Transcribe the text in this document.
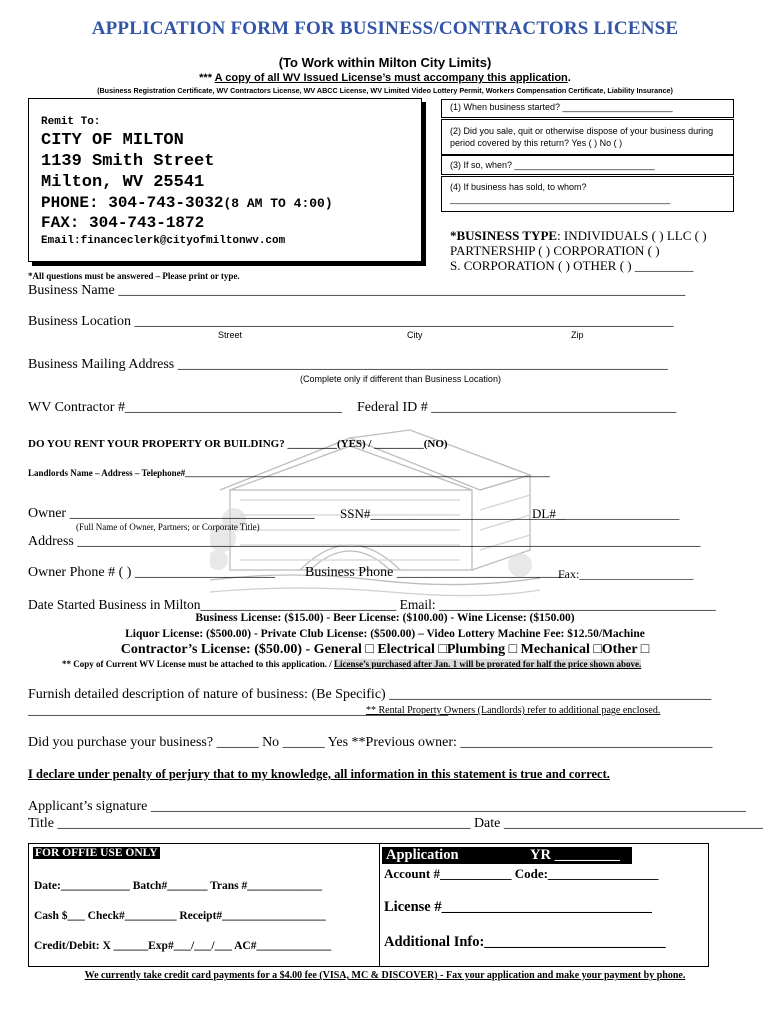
APPLICATION FORM FOR BUSINESS/CONTRACTORS LICENSE
(To Work within Milton City Limits)
*** A copy of all WV Issued License’s must accompany this application.
(Business Registration Certificate, WV Contractors License, WV ABCC License, WV Limited Video Lottery Permit, Workers Compensation Certificate, Liability Insurance)
Remit To:
CITY OF MILTON
1139 Smith Street
Milton, WV 25541
PHONE: 304-743-3032(8 AM TO 4:00)
FAX: 304-743-1872
Email:financeclerk@cityofmiltonwv.com
(1) When business started? ______________________
(2) Did you sale, quit or otherwise dispose of your business during
period covered by this return? Yes ( ) No ( )
(3) If so, when? ____________________________
(4) If business has sold, to whom?
____________________________________________
*BUSINESS TYPE: INDIVIDUALS ( ) LLC ( )
PARTNERSHIP ( ) CORPORATION ( )
S. CORPORATION ( ) OTHER ( ) _________
*All questions must be answered – Please print or type.
Business Name _________________________________________________________________________________
Business Location _____________________________________________________________________________
Street	City	Zip
Business Mailing Address ______________________________________________________________________
(Complete only if different than Business Location)
WV Contractor #_______________________________ Federal ID # ___________________________________
DO YOU RENT YOUR PROPERTY OR BUILDING? _________(YES) / _________(NO)
Landlords Name – Address – Telephone#_________________________________________________________________________________
Owner ___________________________________ SSN#______________________________
DL#___________________
(Full Name of Owner, Partners; or Corporate Title)
Address _________________________________________________________________________________________
Owner Phone # ( ) ____________________ Business Phone ________________________
Fax:___________________
Date Started Business in Milton_____________________________ Email: _________________________________________
Business License: ($15.00) - Beer License: ($100.00) - Wine License: ($150.00)
Liquor License: ($500.00) - Private Club License: ($500.00) – Video Lottery Machine Fee: $12.50/Machine
Contractor’s License: ($50.00) - General □ Electrical □Plumbing □ Mechanical □Other □
** Copy of Current WV License must be attached to this application. / License’s purchased after Jan. 1 will be prorated for half the price shown above.
Furnish detailed description of nature of business: (Be Specific) ______________________________________________
____________________________________________________________
** Rental Property Owners (Landlords) refer to additional page enclosed.
Did you purchase your business? ______ No ______ Yes **Previous owner: ____________________________________
I declare under penalty of perjury that to my knowledge, all information in this statement is true and correct.
Applicant’s signature _____________________________________________________________________________________
Title ___________________________________________________________ Date _____________________________________
FOR OFFIE USE ONLY
Date:____________ Batch#_______ Trans #_____________
Cash $___ Check#_________ Receipt#__________________
Credit/Debit: X ______Exp#___/___/___ AC#_____________
Application	YR _________
Account #___________ Code:_________________
License #_____________________________
Additional Info:_________________________
We currently take credit card payments for a $4.00 fee (VISA, MC & DISCOVER) - Fax your application and make your payment by phone.
